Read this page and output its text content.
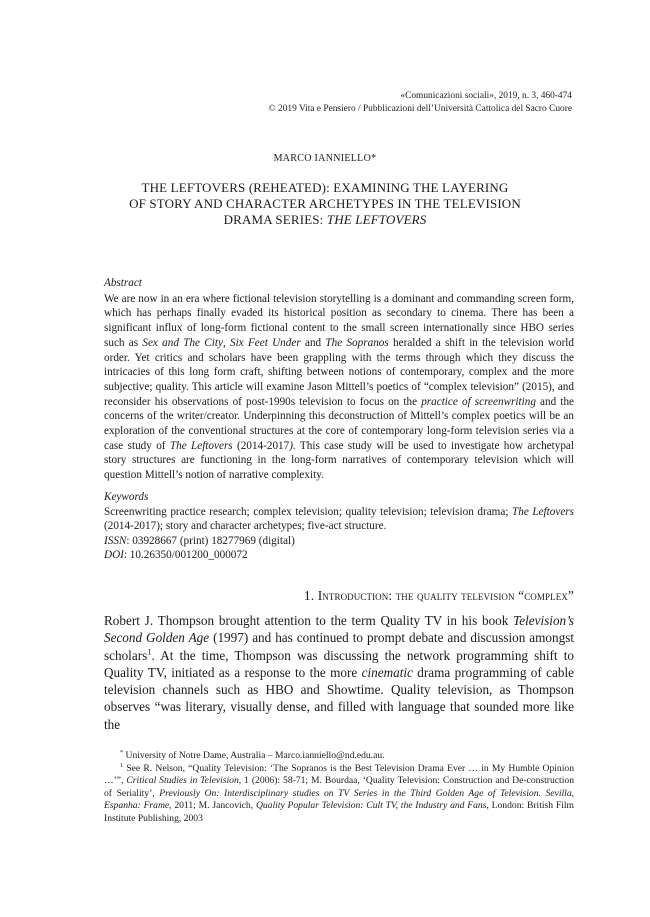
«Comunicazioni sociali», 2019, n. 3, 460-474
© 2019 Vita e Pensiero / Pubblicazioni dell’Università Cattolica del Sacro Cuore
MARCO IANNIELLO*
THE LEFTOVERS (REHEATED): EXAMINING THE LAYERING
OF STORY AND CHARACTER ARCHETYPES IN THE TELEVISION
DRAMA SERIES: THE LEFTOVERS
Abstract

We are now in an era where fictional television storytelling is a dominant and commanding screen form, which has perhaps finally evaded its historical position as secondary to cinema. There has been a significant influx of long-form fictional content to the small screen internationally since HBO series such as Sex and The City, Six Feet Under and The Sopranos heralded a shift in the television world order. Yet critics and scholars have been grappling with the terms through which they discuss the intricacies of this long form craft, shifting between notions of contemporary, complex and the more subjective; quality. This article will examine Jason Mittell’s poetics of “complex television” (2015), and reconsider his observations of post-1990s television to focus on the practice of screenwriting and the concerns of the writer/creator. Underpinning this deconstruction of Mittell’s complex poetics will be an exploration of the conventional structures at the core of contemporary long-form television series via a case study of The Leftovers (2014-2017). This case study will be used to investigate how archetypal story structures are functioning in the long-form narratives of contemporary television which will question Mittell’s notion of narrative complexity.

Keywords

Screenwriting practice research; complex television; quality television; television drama; The Leftovers (2014-2017); story and character archetypes; five-act structure.

ISSN: 03928667 (print) 18277969 (digital)

DOI: 10.26350/001200_000072

1. Introduction: the quality television “complex”
Robert J. Thompson brought attention to the term Quality TV in his book Television’s Second Golden Age (1997) and has continued to prompt debate and discussion amongst scholars$^1$. At the time, Thompson was discussing the network programming shift to Quality TV, initiated as a response to the more cinematic drama programming of cable television channels such as HBO and Showtime. Quality television, as Thompson observes “was literary, visually dense, and filled with language that sounded more like the

* University of Notre Dame, Australia – Marco.ianniello@nd.edu.au.

$^1$ See R. Nelson, “Quality Television: ‘The Sopranos is the Best Television Drama Ever … in My Humble Opinion …’”, Critical Studies in Television, 1 (2006): 58-71; M. Bourdaa, ‘Quality Television: Construction and De-construction of Seriality’, Previously On: Interdisciplinary studies on TV Series in the Third Golden Age of Television. Sevilla, Espanha: Frame, 2011; M. Jancovich, Quality Popular Television: Cult TV, the Industry and Fans, London: British Film Institute Publishing, 2003
